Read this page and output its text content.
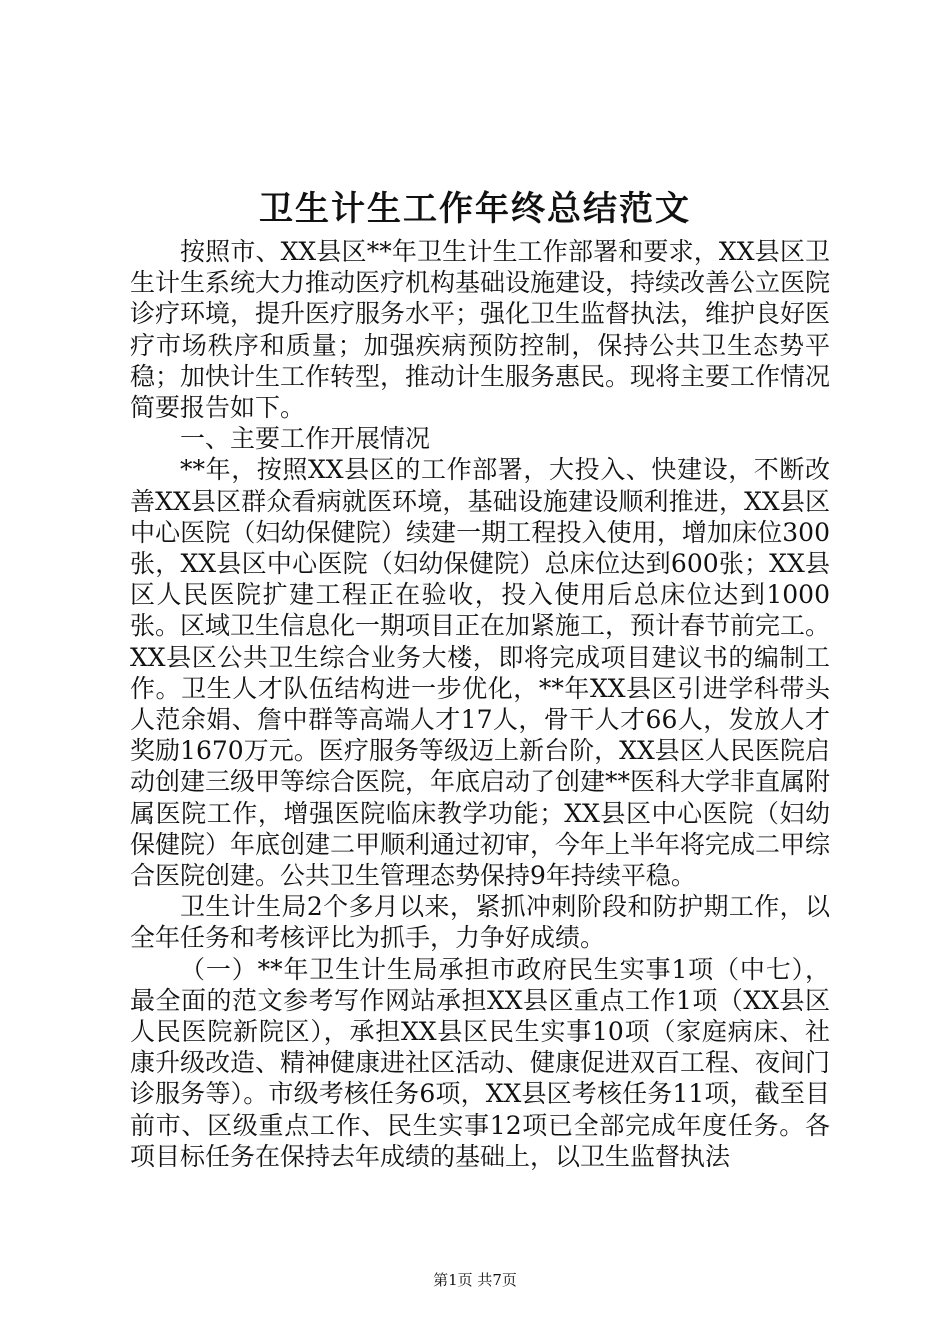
卫生计生工作年终总结范文

按照市、XX县区**年卫生计生工作部署和要求，XX县区卫生计生系统大力推动医疗机构基础设施建设，持续改善公立医院诊疗环境，提升医疗服务水平；强化卫生监督执法，维护良好医疗市场秩序和质量；加强疾病预防控制，保持公共卫生态势平稳；加快计生工作转型，推动计生服务惠民。现将主要工作情况简要报告如下。

一、主要工作开展情况

**年，按照XX县区的工作部署，大投入、快建设，不断改善XX县区群众看病就医环境，基础设施建设顺利推进，XX县区中心医院（妇幼保健院）续建一期工程投入使用，增加床位300张，XX县区中心医院（妇幼保健院）总床位达到600张；XX县区人民医院扩建工程正在验收，投入使用后总床位达到1000张。区域卫生信息化一期项目正在加紧施工，预计春节前完工。XX县区公共卫生综合业务大楼，即将完成项目建议书的编制工作。卫生人才队伍结构进一步优化，**年XX县区引进学科带头人范余娟、詹中群等高端人才17人，骨干人才66人，发放人才奖励1670万元。医疗服务等级迈上新台阶，XX县区人民医院启动创建三级甲等综合医院，年底启动了创建**医科大学非直属附属医院工作，增强医院临床教学功能；XX县区中心医院（妇幼保健院）年底创建二甲顺利通过初审，今年上半年将完成二甲综合医院创建。公共卫生管理态势保持9年持续平稳。

卫生计生局2个多月以来，紧抓冲刺阶段和防护期工作，以全年任务和考核评比为抓手，力争好成绩。

（一）**年卫生计生局承担市政府民生实事1项（中七），最全面的范文参考写作网站承担XX县区重点工作1项（XX县区人民医院新院区），承担XX县区民生实事10项（家庭病床、社康升级改造、精神健康进社区活动、健康促进双百工程、夜间门诊服务等）。市级考核任务6项，XX县区考核任务11项，截至目前市、区级重点工作、民生实事12项已全部完成年度任务。各项目标任务在保持去年成绩的基础上，以卫生监督执法

第1页 共7页
